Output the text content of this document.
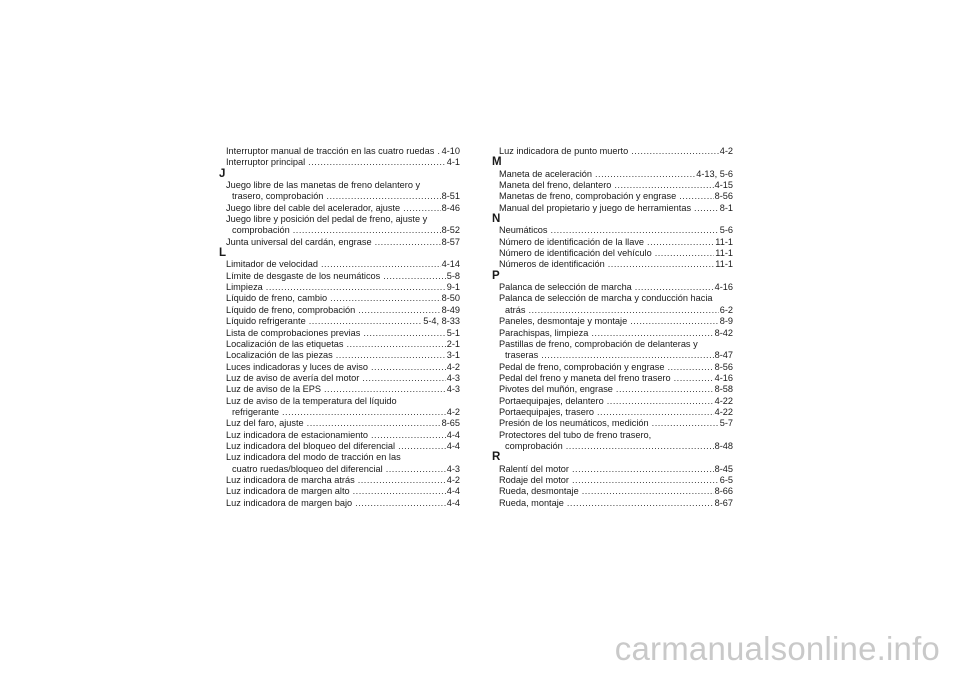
Interruptor manual de tracción en las cuatro ruedas ..... 4-10
Interruptor principal .....	4-1
J
Juego libre de las manetas de freno delantero y
trasero, comprobación .....	8-51
Juego libre del cable del acelerador, ajuste .....	8-46
Juego libre y posición del pedal de freno, ajuste y
comprobación .....	8-52
Junta universal del cardán, engrase .....	8-57
L
Limitador de velocidad .....	4-14
Límite de desgaste de los neumáticos .....	5-8
Limpieza .....	9-1
Líquido de freno, cambio .....	8-50
Líquido de freno, comprobación .....	8-49
Líquido refrigerante .....	5-4, 8-33
Lista de comprobaciones previas .....	5-1
Localización de las etiquetas .....	2-1
Localización de las piezas .....	3-1
Luces indicadoras y luces de aviso .....	4-2
Luz de aviso de avería del motor .....	4-3
Luz de aviso de la EPS .....	4-3
Luz de aviso de la temperatura del líquido
refrigerante .....	4-2
Luz del faro, ajuste .....	8-65
Luz indicadora de estacionamiento .....	4-4
Luz indicadora del bloqueo del diferencial .....	4-4
Luz indicadora del modo de tracción en las
cuatro ruedas/bloqueo del diferencial .....	4-3
Luz indicadora de marcha atrás .....	4-2
Luz indicadora de margen alto .....	4-4
Luz indicadora de margen bajo .....	4-4
Luz indicadora de punto muerto .....	4-2
M
Maneta de aceleración .....	4-13, 5-6
Maneta del freno, delantero .....	4-15
Manetas de freno, comprobación y engrase .....	8-56
Manual del propietario y juego de herramientas .....	8-1
N
Neumáticos .....	5-6
Número de identificación de la llave .....	11-1
Número de identificación del vehículo .....	11-1
Números de identificación .....	11-1
P
Palanca de selección de marcha .....	4-16
Palanca de selección de marcha y conducción hacia
atrás .....	6-2
Paneles, desmontaje y montaje .....	8-9
Parachispas, limpieza .....	8-42
Pastillas de freno, comprobación de delanteras y
traseras .....	8-47
Pedal de freno, comprobación y engrase .....	8-56
Pedal del freno y maneta del freno trasero .....	4-16
Pivotes del muñón, engrase .....	8-58
Portaequipajes, delantero .....	4-22
Portaequipajes, trasero .....	4-22
Presión de los neumáticos, medición .....	5-7
Protectores del tubo de freno trasero,
comprobación .....	8-48
R
Ralentí del motor .....	8-45
Rodaje del motor .....	6-5
Rueda, desmontaje .....	8-66
Rueda, montaje .....	8-67
carmanualsonline.info
